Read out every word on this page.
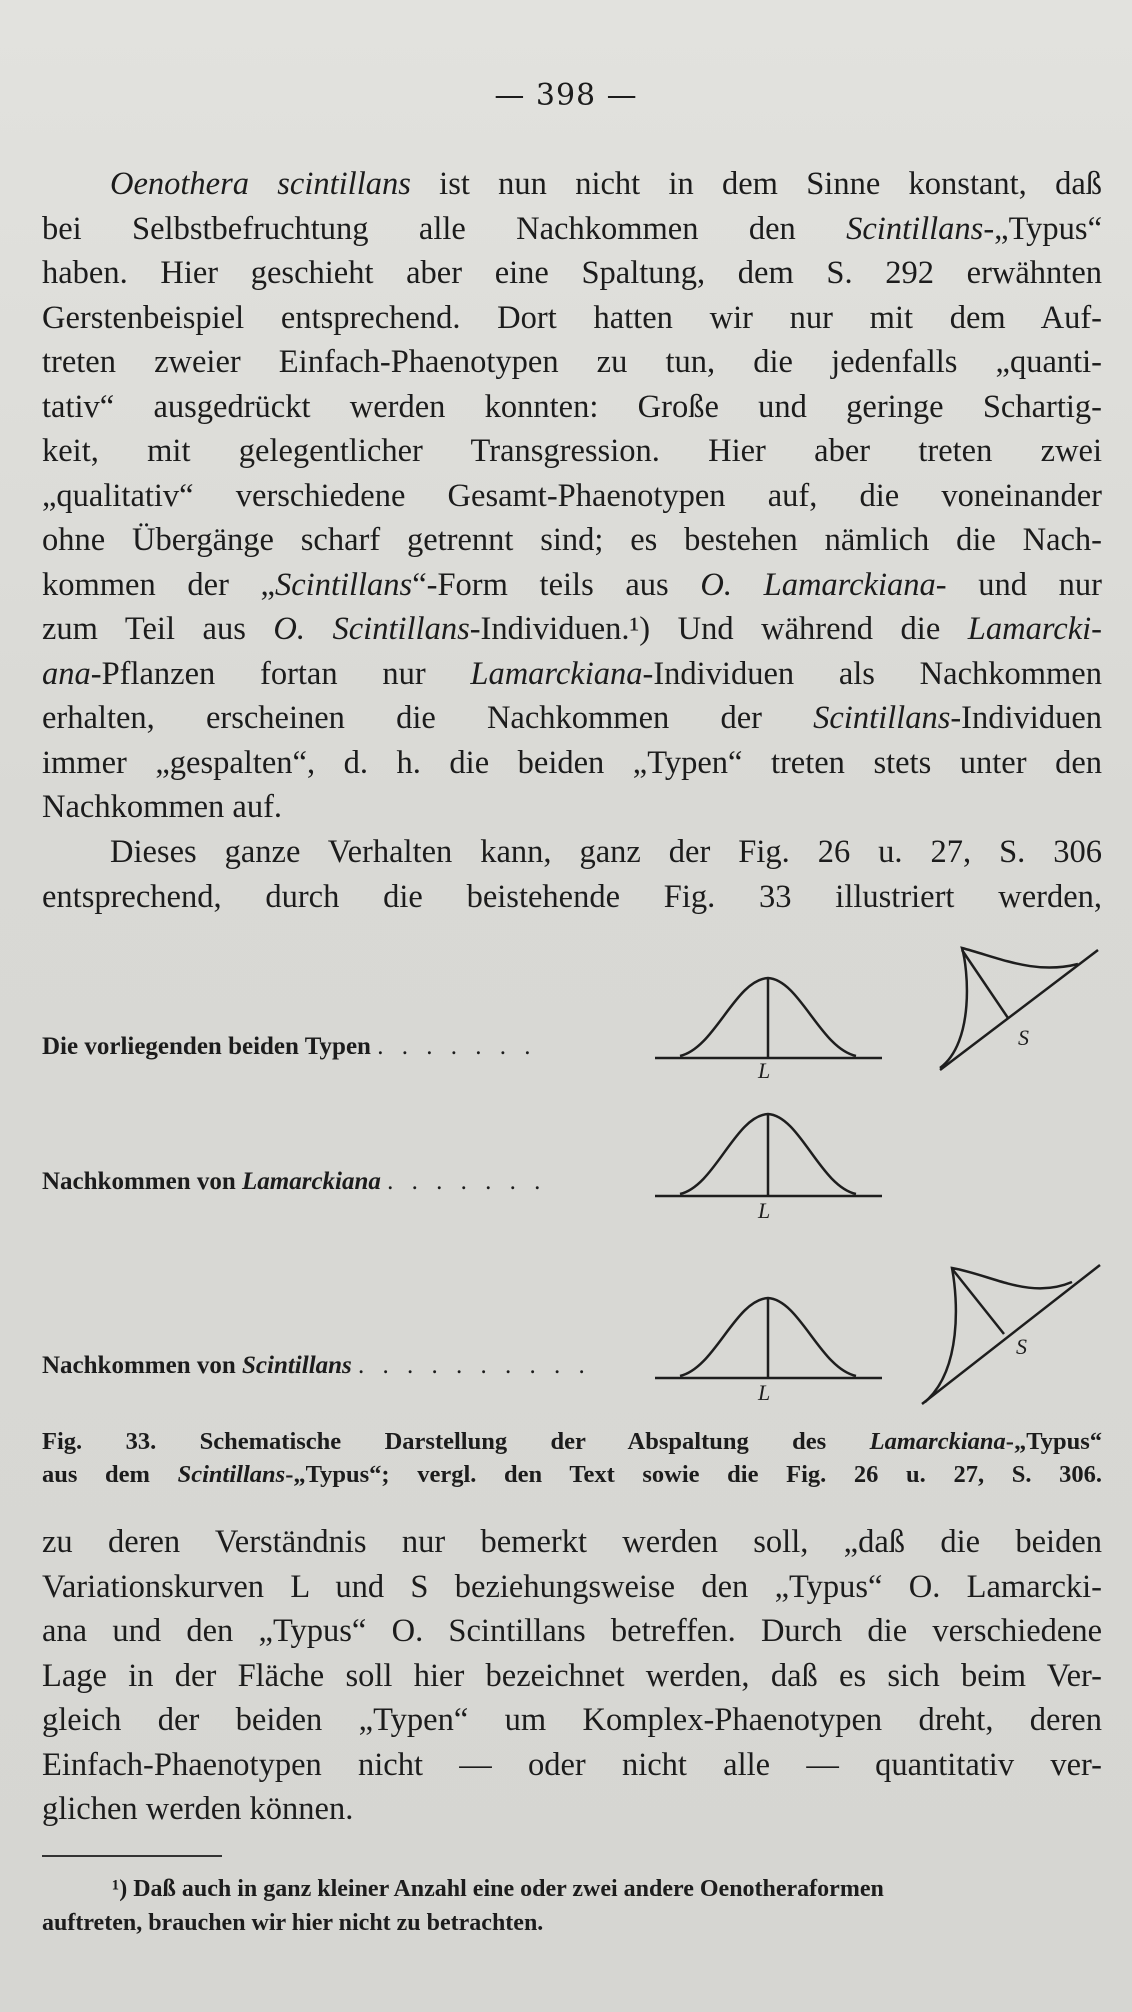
— 398 —
Oenothera scintillans ist nun nicht in dem Sinne konstant, daß
bei Selbstbefruchtung alle Nachkommen den Scintillans-„Typus“
haben. Hier geschieht aber eine Spaltung, dem S. 292 erwähnten
Gerstenbeispiel entsprechend. Dort hatten wir nur mit dem Auf-
treten zweier Einfach-Phaenotypen zu tun, die jedenfalls „quanti-
tativ“ ausgedrückt werden konnten: Große und geringe Schartig-
keit, mit gelegentlicher Transgression. Hier aber treten zwei
„qualitativ“ verschiedene Gesamt-Phaenotypen auf, die voneinander
ohne Übergänge scharf getrennt sind; es bestehen nämlich die Nach-
kommen der „Scintillans“-Form teils aus O. Lamarckiana- und nur
zum Teil aus O. Scintillans-Individuen.¹) Und während die Lamarcki-
ana-Pflanzen fortan nur Lamarckiana-Individuen als Nachkommen
erhalten, erscheinen die Nachkommen der Scintillans-Individuen
immer „gespalten“, d. h. die beiden „Typen“ treten stets unter den
Nachkommen auf.
Dieses ganze Verhalten kann, ganz der Fig. 26 u. 27, S. 306
entsprechend, durch die beistehende Fig. 33 illustriert werden,
Die vorliegenden beiden Typen . . . . . . .
Nachkommen von Lamarckiana . . . . . . .
Nachkommen von Scintillans . . . . . . . . . .
L
S
L
L
S
Fig. 33. Schematische Darstellung der Abspaltung des Lamarckiana-„Typus“
aus dem Scintillans-„Typus“; vergl. den Text sowie die Fig. 26 u. 27, S. 306.
zu deren Verständnis nur bemerkt werden soll, „daß die beiden
Variationskurven L und S beziehungsweise den „Typus“ O. Lamarcki-
ana und den „Typus“ O. Scintillans betreffen. Durch die verschiedene
Lage in der Fläche soll hier bezeichnet werden, daß es sich beim Ver-
gleich der beiden „Typen“ um Komplex-Phaenotypen dreht, deren
Einfach-Phaenotypen nicht — oder nicht alle — quantitativ ver-
glichen werden können.
¹) Daß auch in ganz kleiner Anzahl eine oder zwei andere Oenotheraformen
auftreten, brauchen wir hier nicht zu betrachten.
